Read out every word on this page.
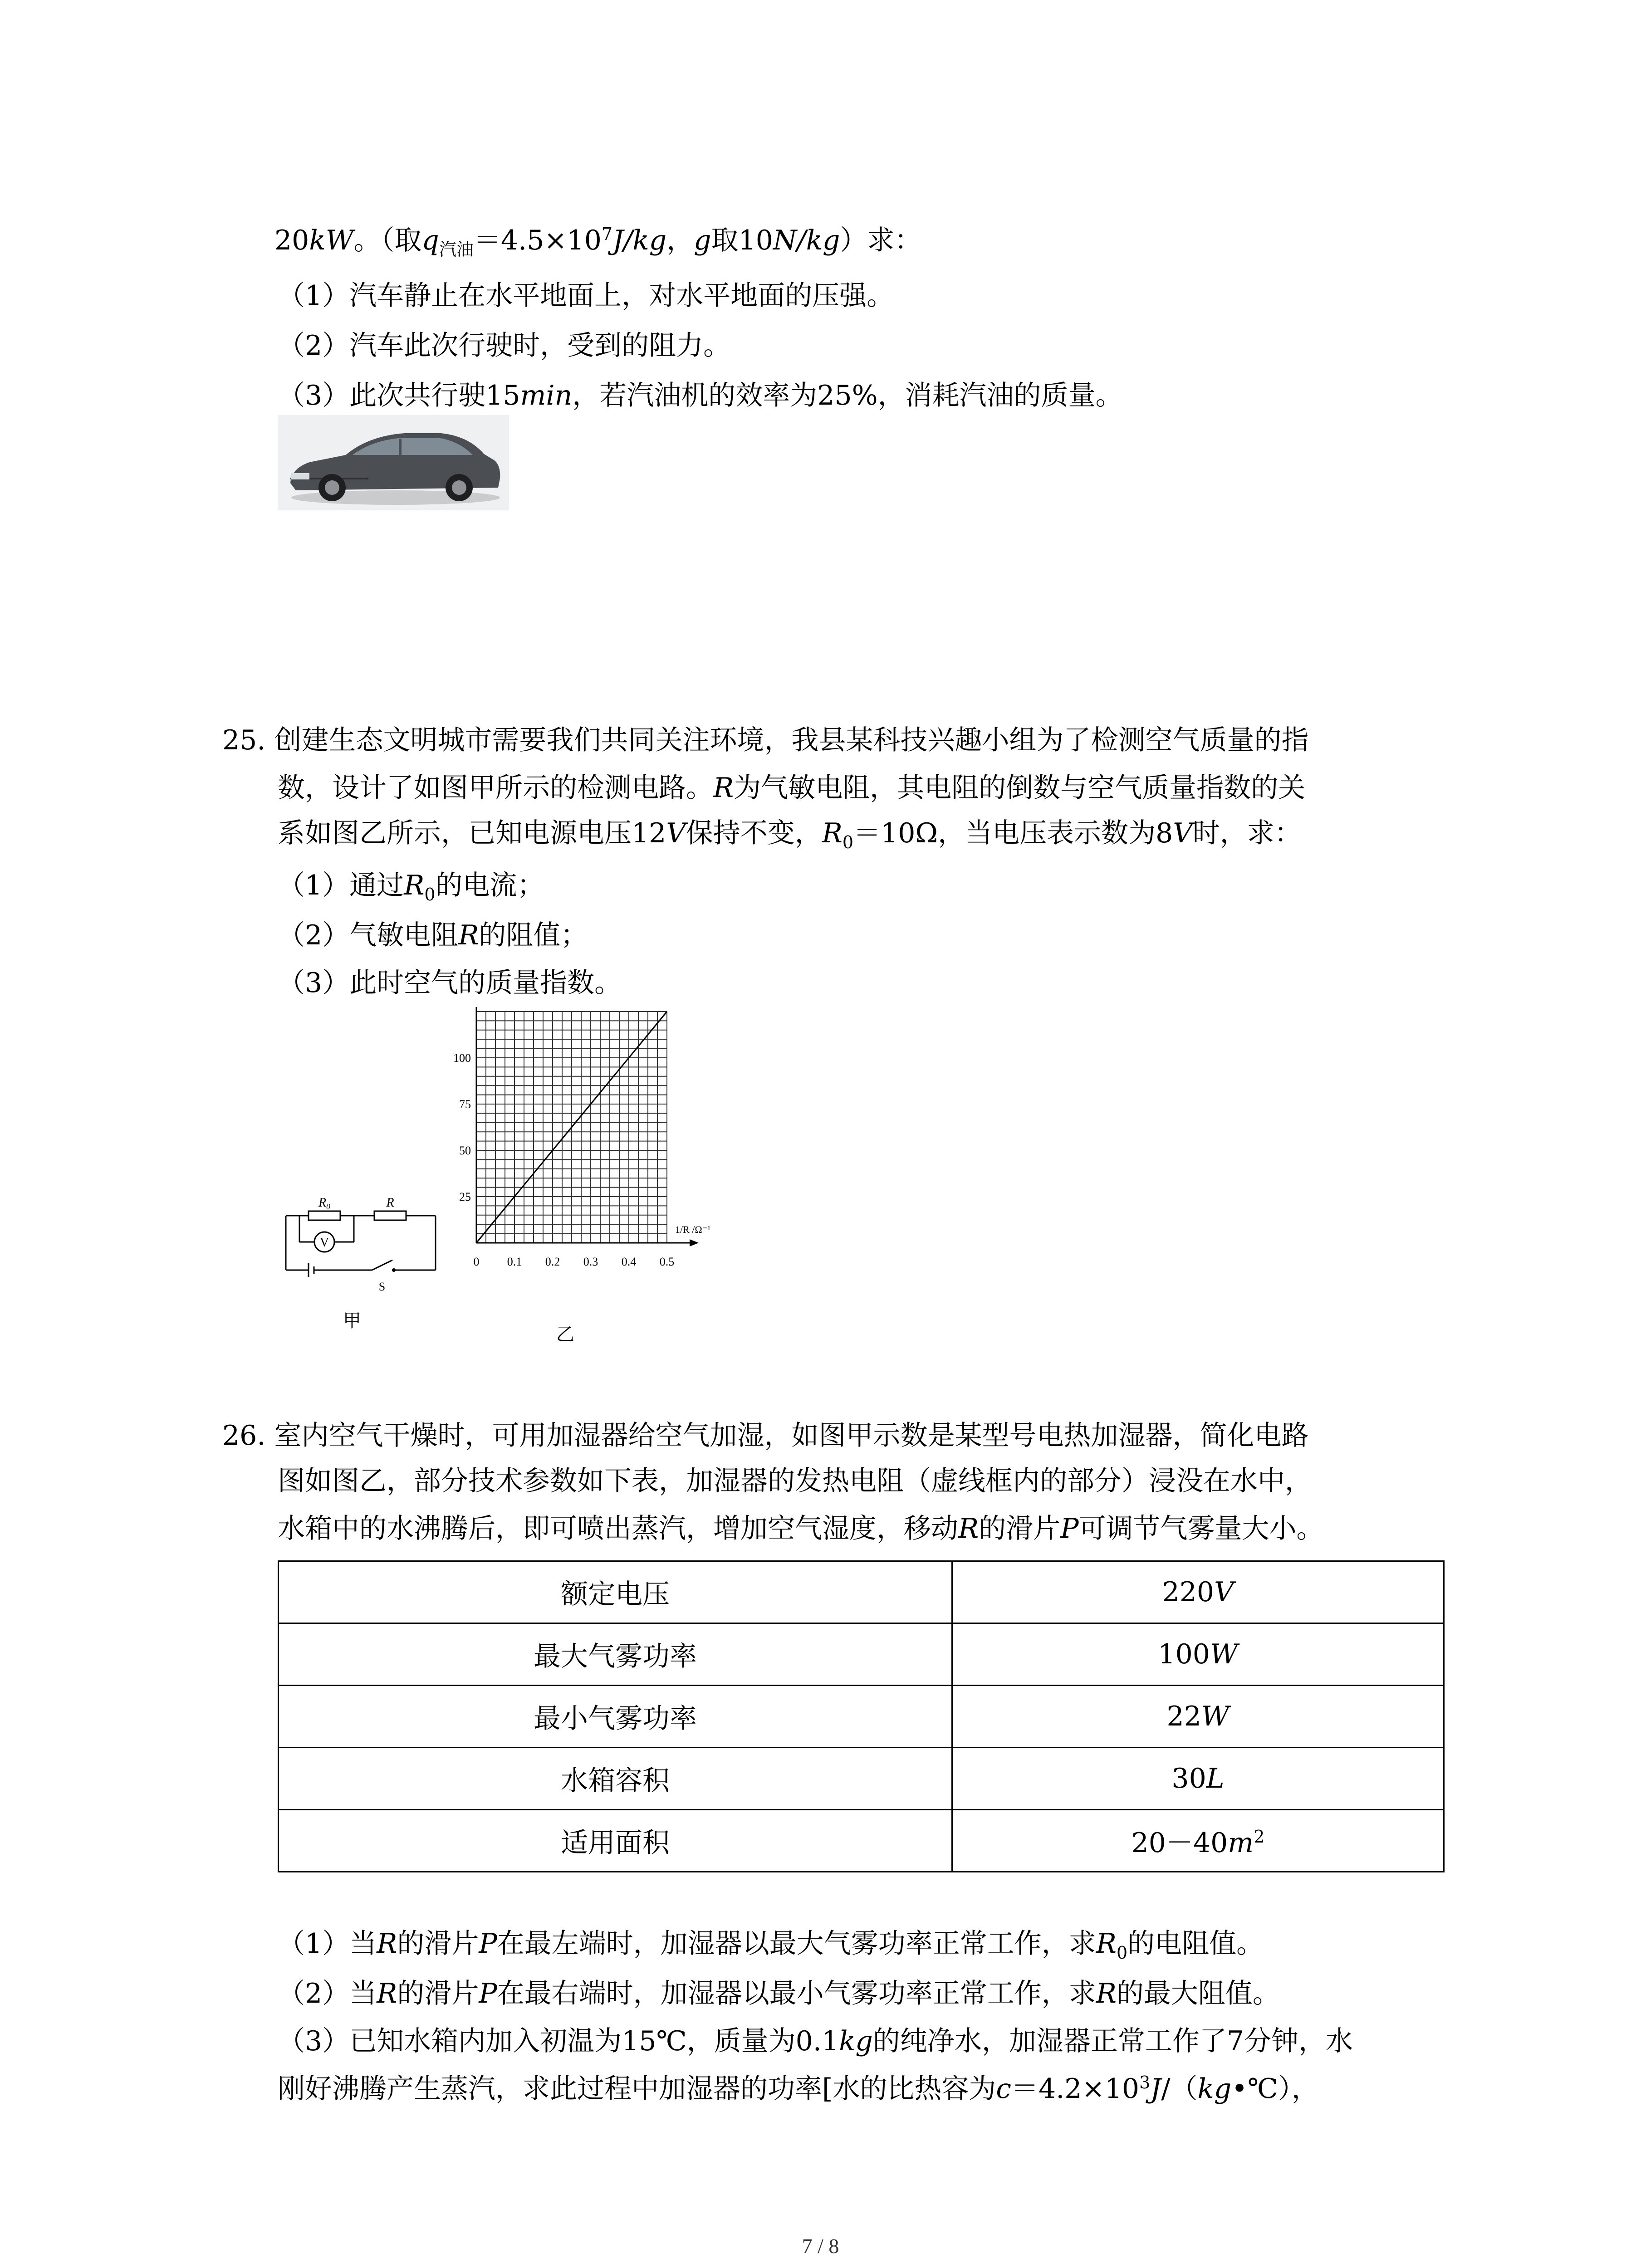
20kW。（取$q_{汽油}=4.5\times 10^7J/kg$，g取10N/kg）求：
（1）汽车静止在水平地面上，对水平地面的压强。
（2）汽车此次行驶时，受到的阻力。
（3）此次共行驶15min，若汽油机的效率为25%，消耗汽油的质量。
25. 创建生态文明城市需要我们共同关注环境，我县某科技兴趣小组为了检测空气质量的指
数，设计了如图甲所示的检测电路。R为气敏电阻，其电阻的倒数与空气质量指数的关
系如图乙所示，已知电源电压12V保持不变，$R_0=10\Omega$，当电压表示数为8V时，求：
（1）通过$R_0$的电流；
（2）气敏电阻R的阻值；
（3）此时空气的质量指数。
$R_0$	R
V
S
甲
0 0.1 0.2 0.3 0.4 0.5
25
50
75
100
1/R /Ω⁻¹
乙
26. 室内空气干燥时，可用加湿器给空气加湿，如图甲示数是某型号电热加湿器，简化电路
图如图乙，部分技术参数如下表，加湿器的发热电阻（虚线框内的部分）浸没在水中，
水箱中的水沸腾后，即可喷出蒸汽，增加空气湿度，移动R的滑片P可调节气雾量大小。
额定电压	220V
最大气雾功率	100W
最小气雾功率	22W
水箱容积	30L
适用面积	$20-40m^2$
（1）当R的滑片P在最左端时，加湿器以最大气雾功率正常工作，求$R_0$的电阻值。
（2）当R的滑片P在最右端时，加湿器以最小气雾功率正常工作，求R的最大阻值。
（3）已知水箱内加入初温为15℃，质量为0.1kg的纯净水，加湿器正常工作了7分钟，水
刚好沸腾产生蒸汽，求此过程中加湿器的功率[水的比热容为$c=4.2\times 10^3J/(kg•℃)$，
7 / 8
